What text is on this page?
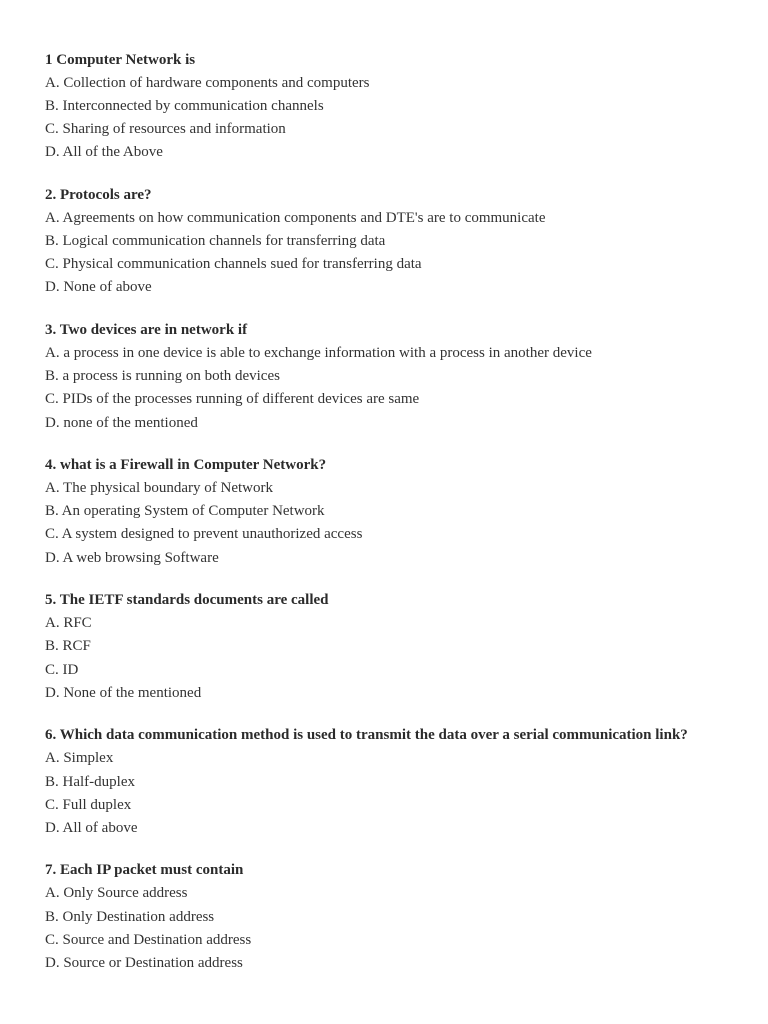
1 Computer Network is
A. Collection of hardware components and computers
B. Interconnected by communication channels
C. Sharing of resources and information
D. All of the Above
2. Protocols are?
A. Agreements on how communication components and DTE's are to communicate
B. Logical communication channels for transferring data
C. Physical communication channels sued for transferring data
D. None of above
3. Two devices are in network if
A. a process in one device is able to exchange information with a process in another device
B. a process is running on both devices
C. PIDs of the processes running of different devices are same
D. none of the mentioned
4. what is a Firewall in Computer Network?
A. The physical boundary of Network
B. An operating System of Computer Network
C. A system designed to prevent unauthorized access
D. A web browsing Software
5. The IETF standards documents are called
A. RFC
B. RCF
C. ID
D. None of the mentioned
6. Which data communication method is used to transmit the data over a serial communication link?
A. Simplex
B. Half-duplex
C. Full duplex
D. All of above
7. Each IP packet must contain
A. Only Source address
B. Only Destination address
C. Source and Destination address
D. Source or Destination address
